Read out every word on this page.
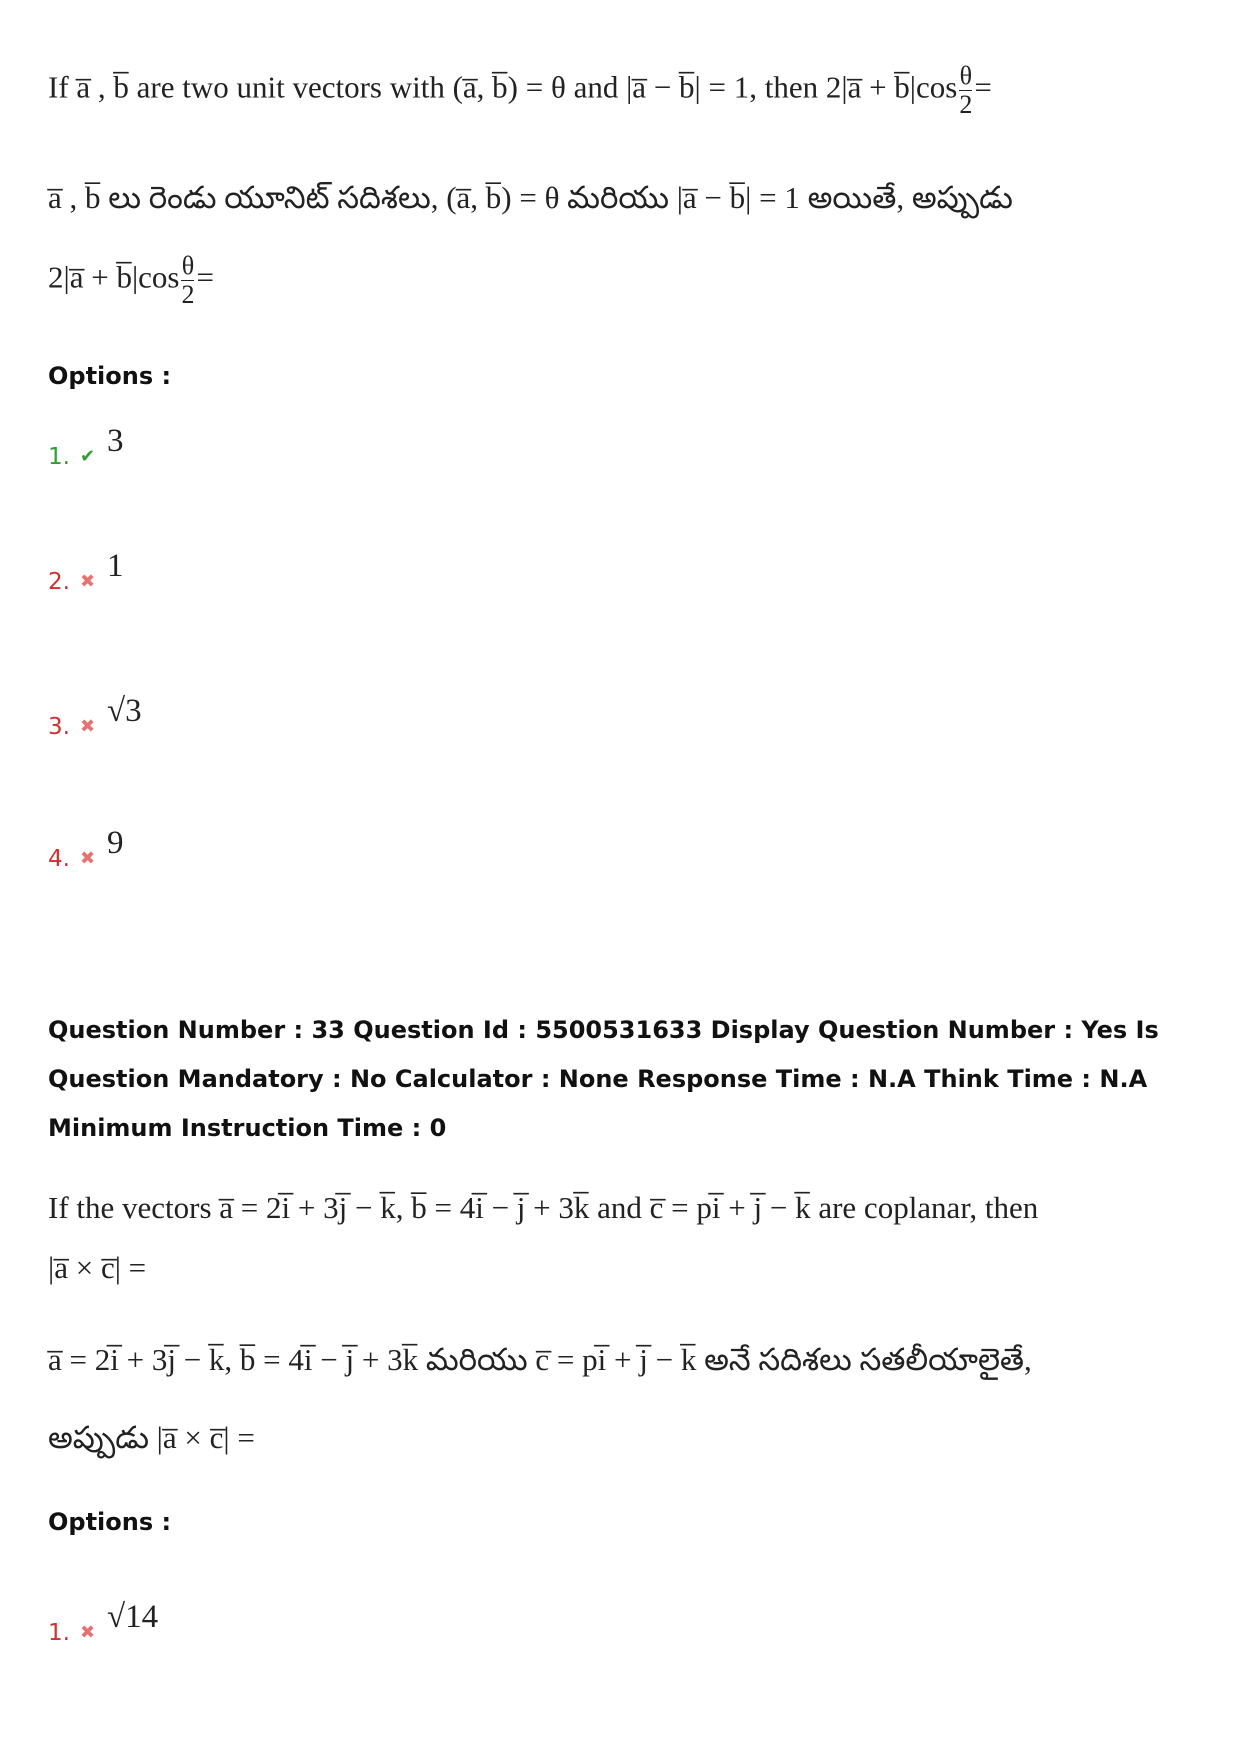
If a̅ , b̅ are two unit vectors with (a̅, b̅) = θ and |a̅ − b̅| = 1, then 2|a̅ + b̅|cos $\frac{\theta}{2}$ =
a̅ , b̅ లు రెండు యూనిట్ సదిశలు, (a̅, b̅) = θ మరియు |a̅ − b̅| = 1 అయితే, అప్పుడు
2|a̅ + b̅|cos $\frac{\theta}{2}$ =
Options :
1. ✔ 3
2. ✖ 1
3. ✖ √3
4. ✖ 9
Question Number : 33 Question Id : 5500531633 Display Question Number : Yes Is Question Mandatory : No Calculator : None Response Time : N.A Think Time : N.A Minimum Instruction Time : 0
If the vectors a̅ = 2i̅ + 3j̅ − k̅, b̅ = 4i̅ − j̅ + 3k̅ and c̅ = pi̅ + j̅ − k̅ are coplanar, then
|a̅ × c̅| =
a̅ = 2i̅ + 3j̅ − k̅, b̅ = 4i̅ − j̅ + 3k̅ మరియు c̅ = pi̅ + j̅ − k̅ అనే సదిశలు సతలీయాలైతే,
అప్పుడు |a̅ × c̅| =
Options :
1. ✖ √14
